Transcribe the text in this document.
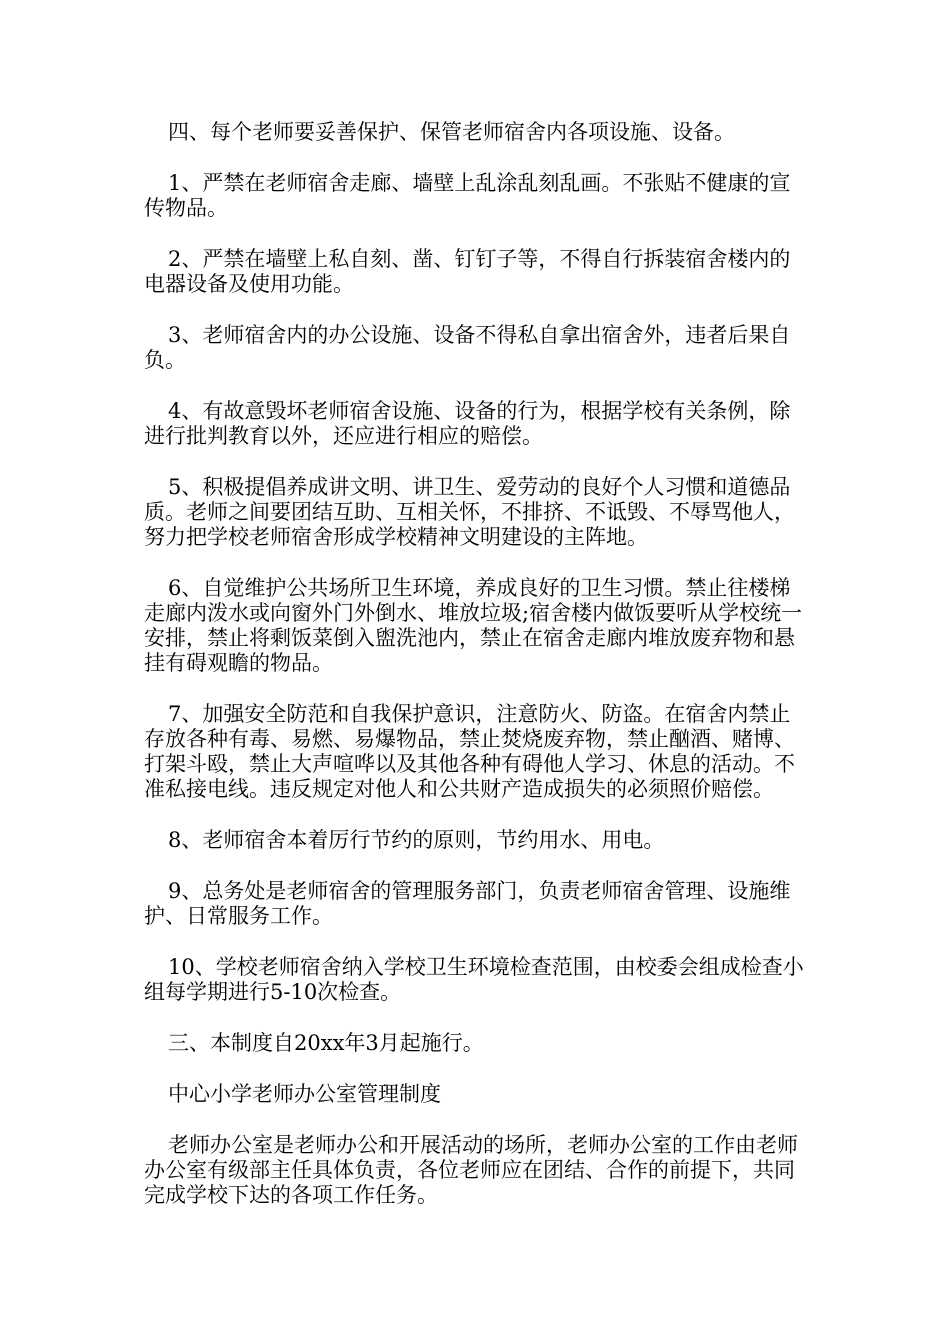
四、每个老师要妥善保护、保管老师宿舍内各项设施、设备。

1、严禁在老师宿舍走廊、墙壁上乱涂乱刻乱画。不张贴不健康的宣传物品。

2、严禁在墙壁上私自刻、凿、钉钉子等，不得自行拆装宿舍楼内的电器设备及使用功能。

3、老师宿舍内的办公设施、设备不得私自拿出宿舍外，违者后果自负。

4、有故意毁坏老师宿舍设施、设备的行为，根据学校有关条例，除进行批判教育以外，还应进行相应的赔偿。

5、积极提倡养成讲文明、讲卫生、爱劳动的良好个人习惯和道德品质。老师之间要团结互助、互相关怀，不排挤、不诋毁、不辱骂他人，努力把学校老师宿舍形成学校精神文明建设的主阵地。

6、自觉维护公共场所卫生环境，养成良好的卫生习惯。禁止往楼梯走廊内泼水或向窗外门外倒水、堆放垃圾;宿舍楼内做饭要听从学校统一安排，禁止将剩饭菜倒入盥洗池内，禁止在宿舍走廊内堆放废弃物和悬挂有碍观瞻的物品。

7、加强安全防范和自我保护意识，注意防火、防盗。在宿舍内禁止存放各种有毒、易燃、易爆物品，禁止焚烧废弃物，禁止酗酒、赌博、打架斗殴，禁止大声喧哗以及其他各种有碍他人学习、休息的活动。不准私接电线。违反规定对他人和公共财产造成损失的必须照价赔偿。

8、老师宿舍本着厉行节约的原则，节约用水、用电。

9、总务处是老师宿舍的管理服务部门，负责老师宿舍管理、设施维护、日常服务工作。

10、学校老师宿舍纳入学校卫生环境检查范围，由校委会组成检查小组每学期进行5-10次检查。

三、本制度自20xx年3月起施行。

中心小学老师办公室管理制度

老师办公室是老师办公和开展活动的场所，老师办公室的工作由老师办公室有级部主任具体负责，各位老师应在团结、合作的前提下，共同完成学校下达的各项工作任务。
